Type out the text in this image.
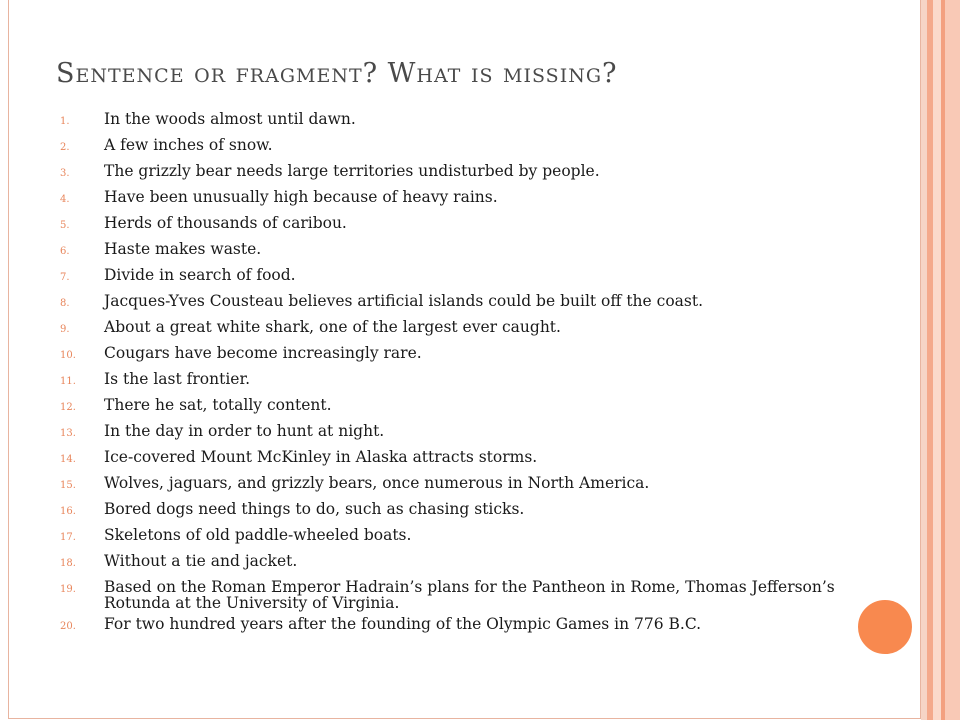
Sentence or fragment? What is missing?
1.	In the woods almost until dawn.
2.	A few inches of snow.
3.	The grizzly bear needs large territories undisturbed by people.
4.	Have been unusually high because of heavy rains.
5.	Herds of thousands of caribou.
6.	Haste makes waste.
7.	Divide in search of food.
8.	Jacques-Yves Cousteau believes artificial islands could be built off the coast.
9.	About a great white shark, one of the largest ever caught.
10.	Cougars have become increasingly rare.
11.	Is the last frontier.
12.	There he sat, totally content.
13.	In the day in order to hunt at night.
14.	Ice-covered Mount McKinley in Alaska attracts storms.
15.	Wolves, jaguars, and grizzly bears, once numerous in North America.
16.	Bored dogs need things to do, such as chasing sticks.
17.	Skeletons of old paddle-wheeled boats.
18.	Without a tie and jacket.
19.	Based on the Roman Emperor Hadrain’s plans for the Pantheon in Rome, Thomas Jefferson’s Rotunda at the University of Virginia.
20.	For two hundred years after the founding of the Olympic Games in 776 B.C.
